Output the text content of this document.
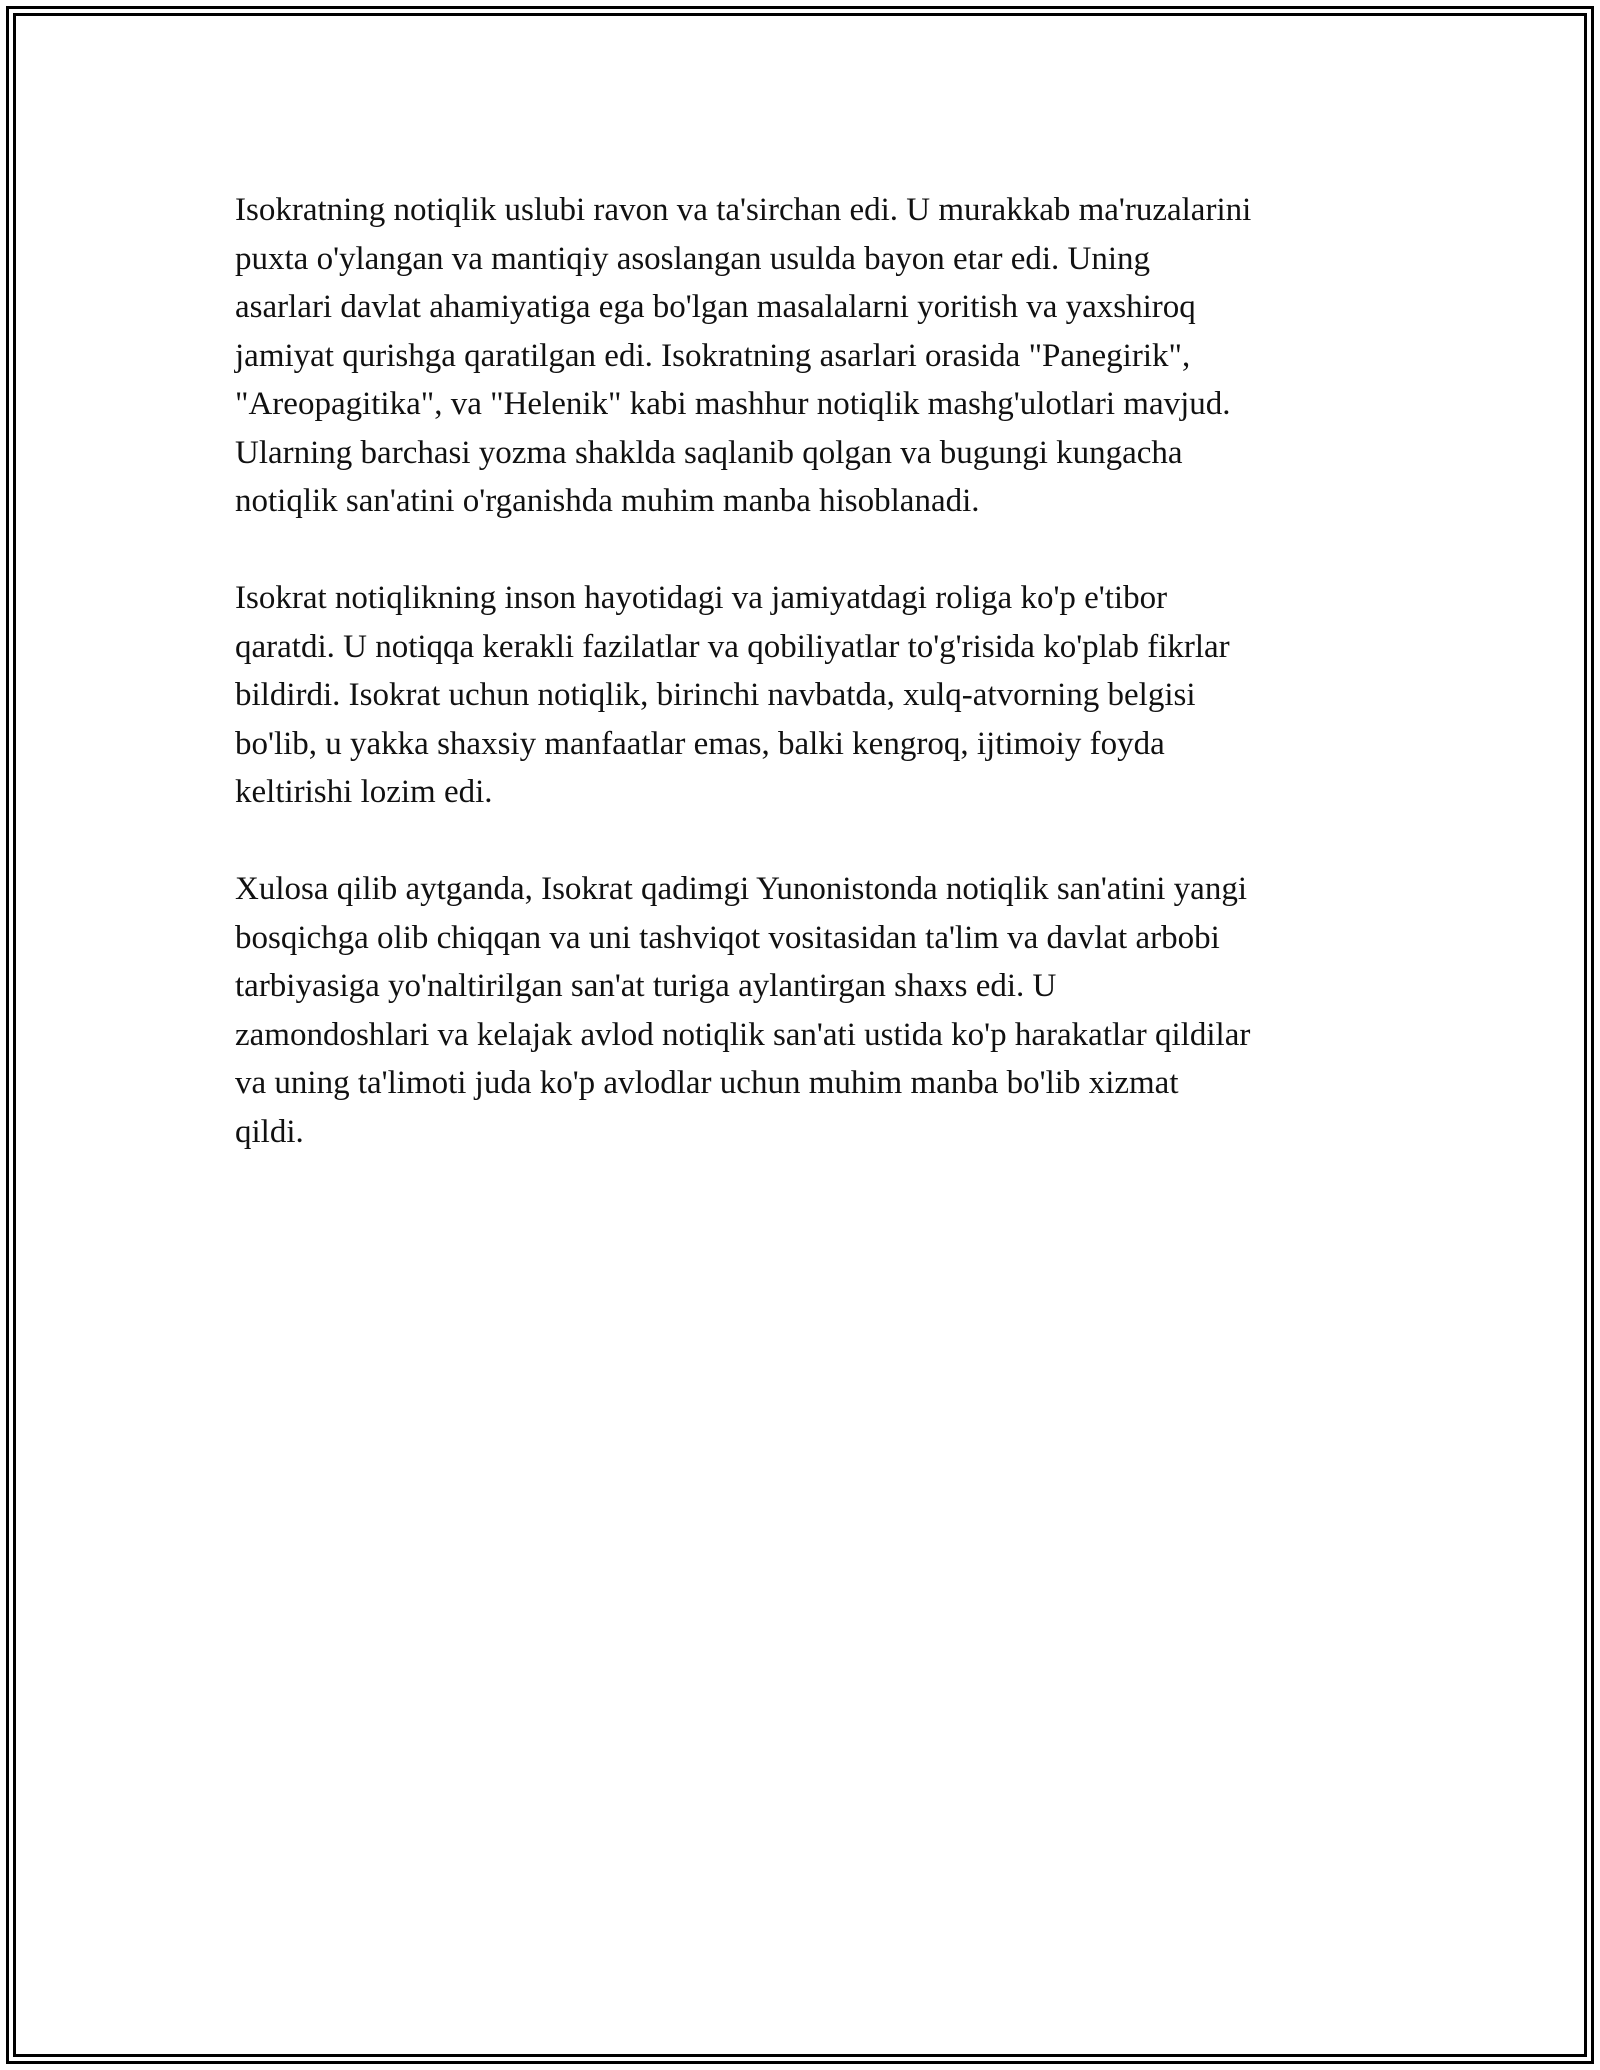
Isokratning notiqlik uslubi ravon va ta'sirchan edi. U murakkab ma'ruzalarini
puxta o'ylangan va mantiqiy asoslangan usulda bayon etar edi. Uning
asarlari davlat ahamiyatiga ega bo'lgan masalalarni yoritish va yaxshiroq
jamiyat qurishga qaratilgan edi. Isokratning asarlari orasida "Panegirik",
"Areopagitika", va "Helenik" kabi mashhur notiqlik mashg'ulotlari mavjud.
Ularning barchasi yozma shaklda saqlanib qolgan va bugungi kungacha
notiqlik san'atini o'rganishda muhim manba hisoblanadi.

Isokrat notiqlikning inson hayotidagi va jamiyatdagi roliga ko'p e'tibor
qaratdi. U notiqqa kerakli fazilatlar va qobiliyatlar to'g'risida ko'plab fikrlar
bildirdi. Isokrat uchun notiqlik, birinchi navbatda, xulq-atvorning belgisi
bo'lib, u yakka shaxsiy manfaatlar emas, balki kengroq, ijtimoiy foyda
keltirishi lozim edi.

Xulosa qilib aytganda, Isokrat qadimgi Yunonistonda notiqlik san'atini yangi
bosqichga olib chiqqan va uni tashviqot vositasidan ta'lim va davlat arbobi
tarbiyasiga yo'naltirilgan san'at turiga aylantirgan shaxs edi. U
zamondoshlari va kelajak avlod notiqlik san'ati ustida ko'p harakatlar qildilar
va uning ta'limoti juda ko'p avlodlar uchun muhim manba bo'lib xizmat
qildi.
